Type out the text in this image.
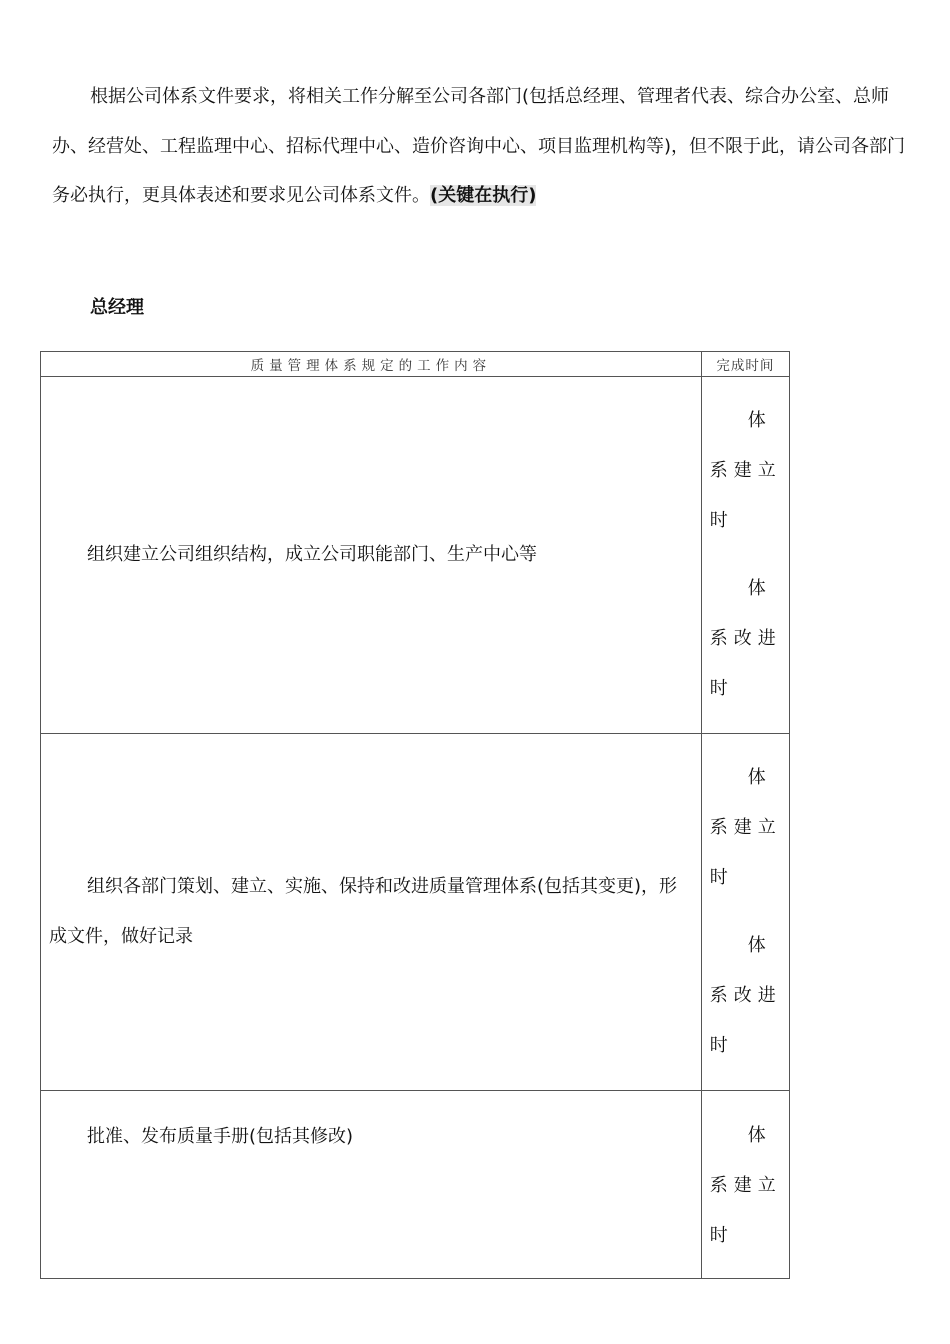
根据公司体系文件要求，将相关工作分解至公司各部门(包括总经理、管理者代表、综合办公室、总师办、经营处、工程监理中心、招标代理中心、造价咨询中心、项目监理机构等)，但不限于此，请公司各部门务必执行，更具体表述和要求见公司体系文件。(关键在执行)

总经理
质量管理体系规定的工作内容	完成时间

组织建立公司组织结构，成立公司职能部门、生产中心等	体系建立时

体系改进时

组织各部门策划、建立、实施、保持和改进质量管理体系(包括其变更)，形成文件，做好记录	体系建立时

体系改进时

批准、发布质量手册(包括其修改)	体系建立时
